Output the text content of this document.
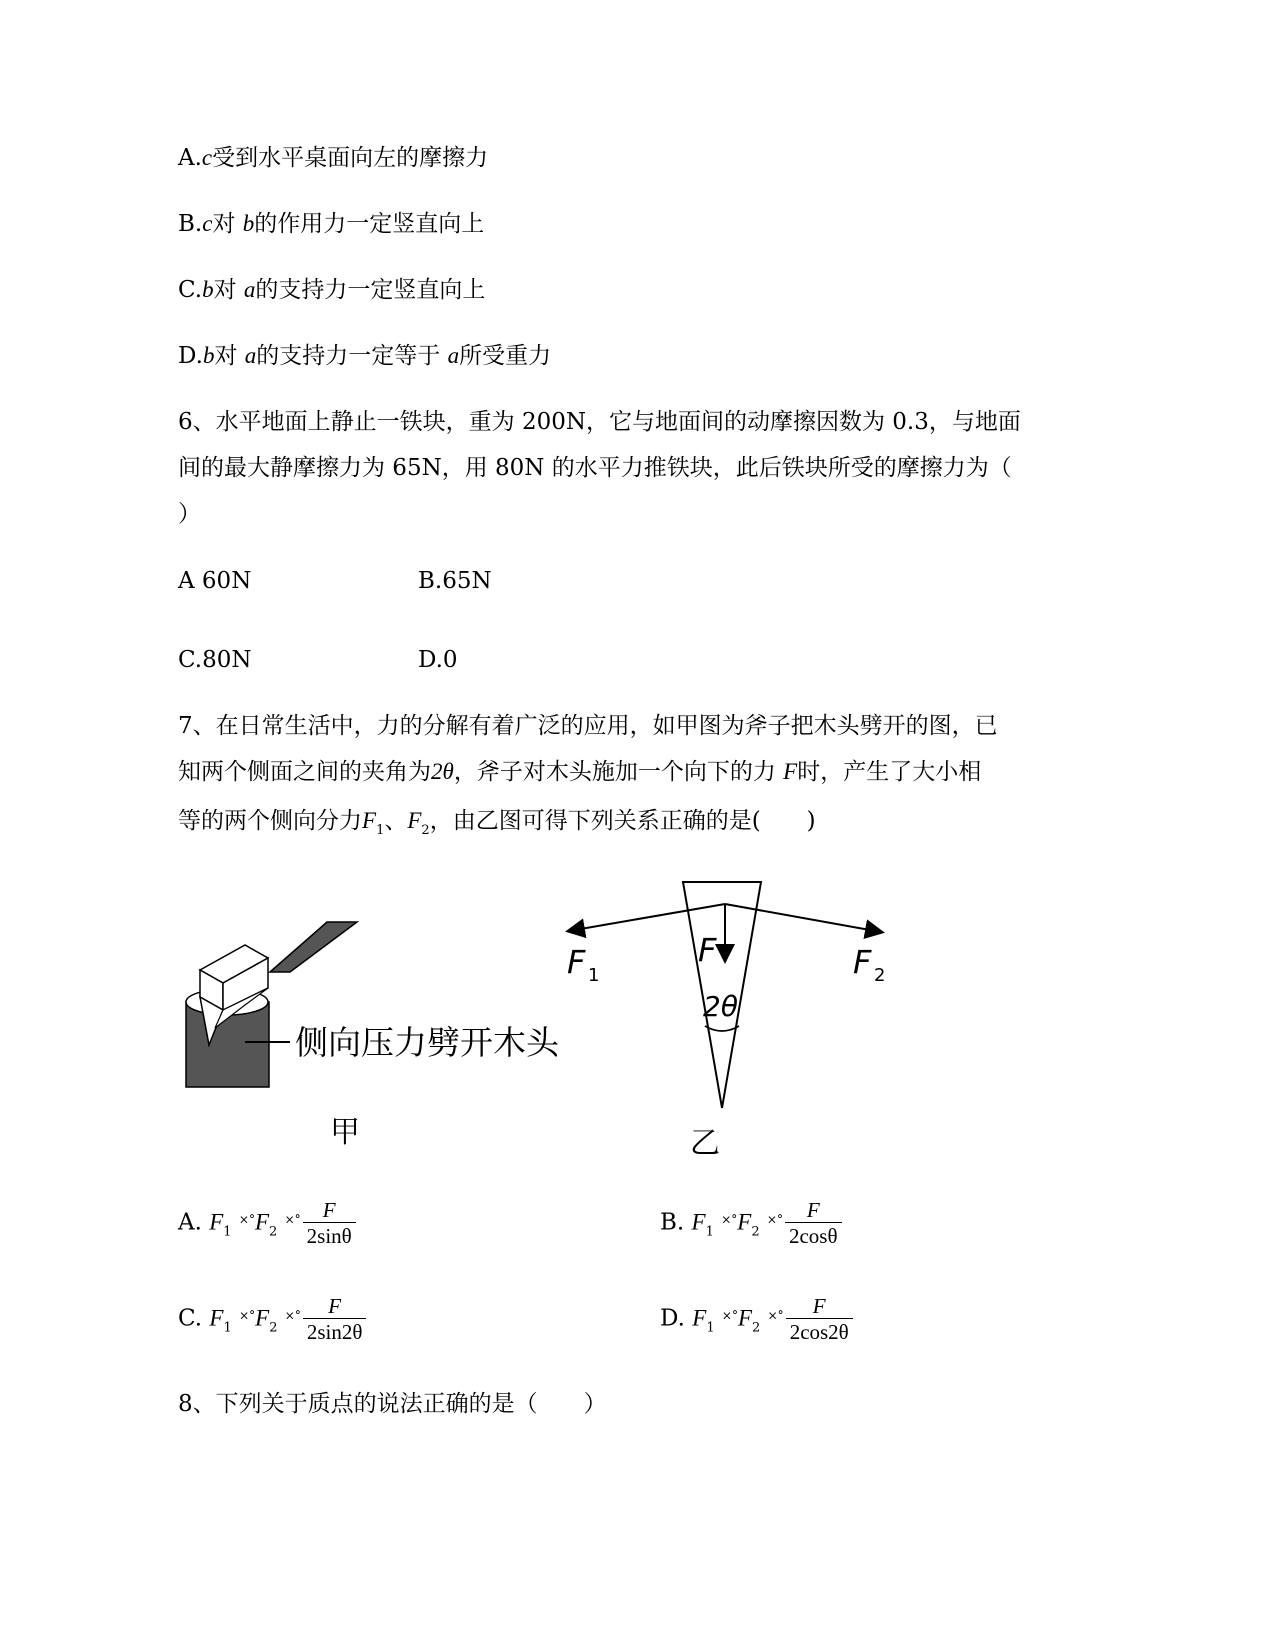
A.c受到水平桌面向左的摩擦力
B.c对 b的作用力一定竖直向上
C.b对 a的支持力一定竖直向上
D.b对 a的支持力一定等于 a所受重力
6、水平地面上静止一铁块，重为 200N，它与地面间的动摩擦因数为 0.3，与地面
间的最大静摩擦力为 65N，用 80N 的水平力推铁块，此后铁块所受的摩擦力为（
）
A 60N	B.65N
C.80N	D.0
7、在日常生活中，力的分解有着广泛的应用，如甲图为斧子把木头劈开的图，已
知两个侧面之间的夹角为2θ，斧子对木头施加一个向下的力 F时，产生了大小相
等的两个侧向分力$F_1$、$F_2$，由乙图可得下列关系正确的是(　　)
侧向压力劈开木头
甲
F 1	F 2
F
2θ
乙
A. $F_1$ $^{\times^\circ}F_2$ $^{\times^\circ} \frac{F}{2\sin\theta}$	B. $F_1$ $^{\times^\circ}F_2$ $^{\times^\circ} \frac{F}{2\cos\theta}$
C. $F_1$ $^{\times^\circ}F_2$ $^{\times^\circ} \frac{F}{2\sin 2\theta}$	D. $F_1$ $^{\times^\circ}F_2$ $^{\times^\circ} \frac{F}{2\cos 2\theta}$
8、下列关于质点的说法正确的是（　　）
